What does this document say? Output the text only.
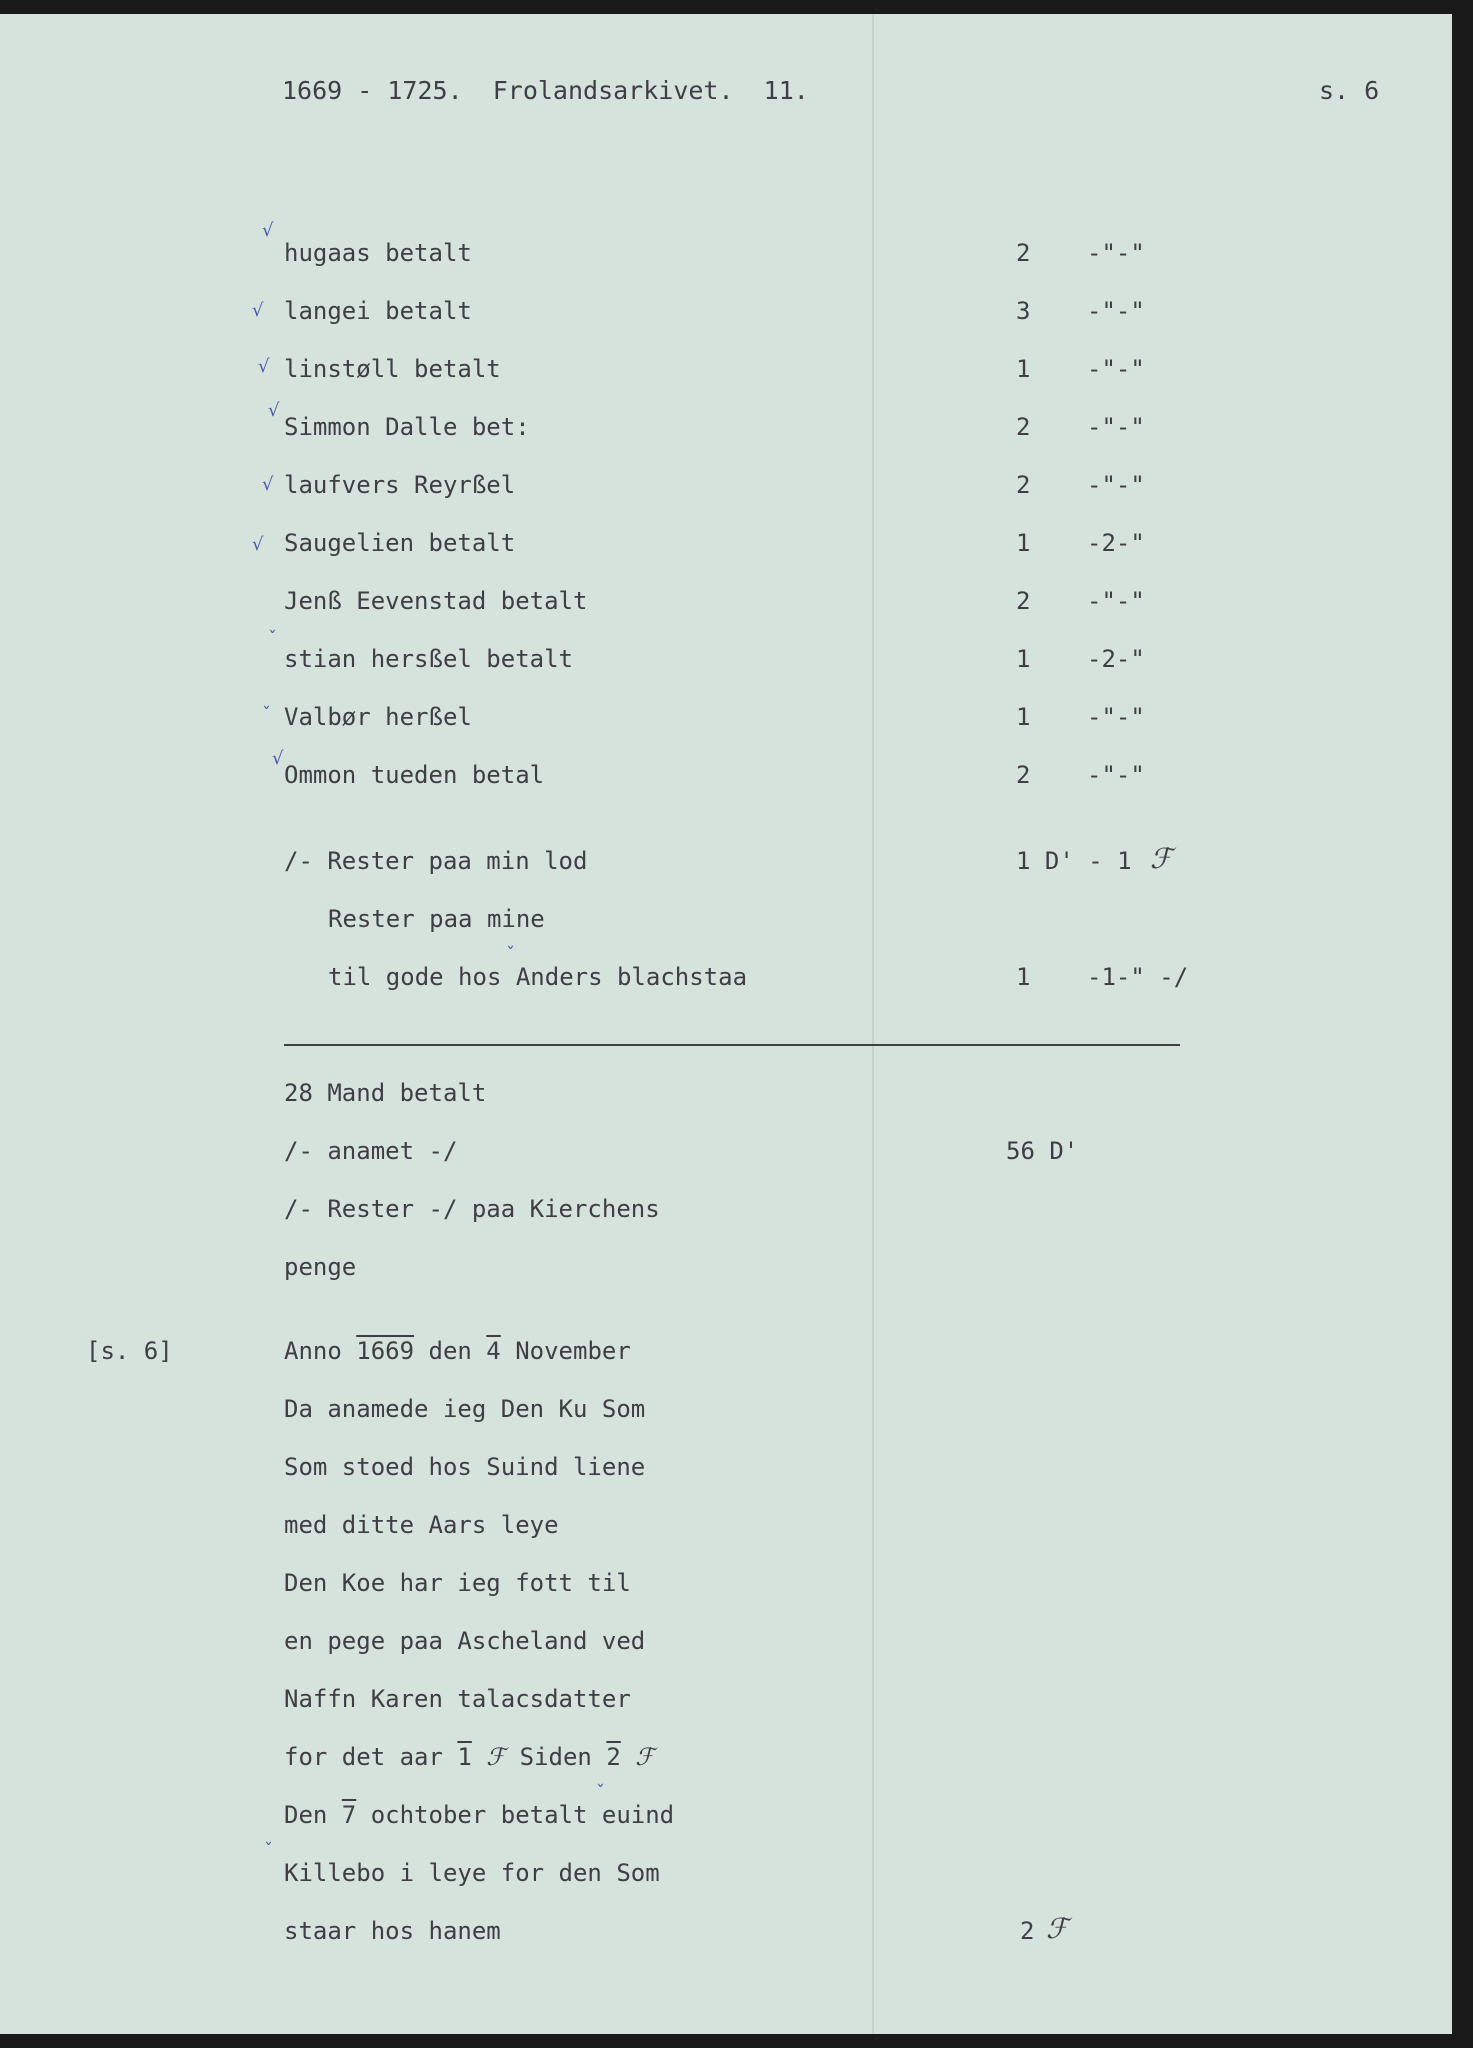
1669 - 1725.  Frolandsarkivet.  11.	s. 6
√
hugaas betalt	2 -"-"
√ langei betalt	3 -"-"
√ linstøll betalt	1 -"-"
√
Simmon Dalle bet:	2 -"-"
√ laufvers Reyrßel	2 -"-"
√ Saugelien betalt	1 -2-"
Jenß Eevenstad betalt	2 -"-"
ˇ
stian hersßel betalt	1 -2-"
ˇ Valbør herßel	1 -"-"
√
Ommon tueden betal	2 -"-"
/- Rester paa min lod	1 D' - 1 ℱ
Rester paa mine
ˇ
til gode hos Anders blachstaa	1 -1-" -/
28 Mand betalt
/- anamet -/	56 D'
/- Rester -/ paa Kierchens
penge
[s. 6]	Anno 1669 den 4 November
Da anamede ieg Den Ku Som
Som stoed hos Suind liene
med ditte Aars leye
Den Koe har ieg fott til
en pege paa Ascheland ved
Naffn Karen talacsdatter
for det aar 1 ℱ Siden 2 ℱ
ˇ
Den 7 ochtober betalt euind
ˇ
Killebo i leye for den Som
staar hos hanem	2 ℱ
